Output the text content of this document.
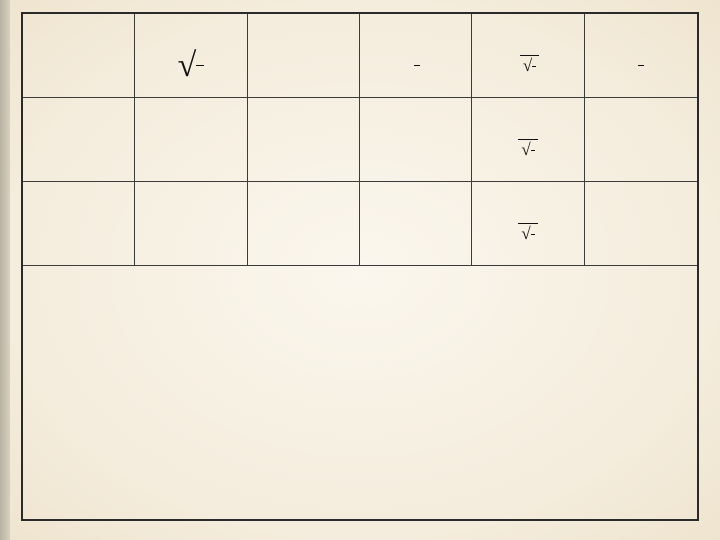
√	√
√
√
